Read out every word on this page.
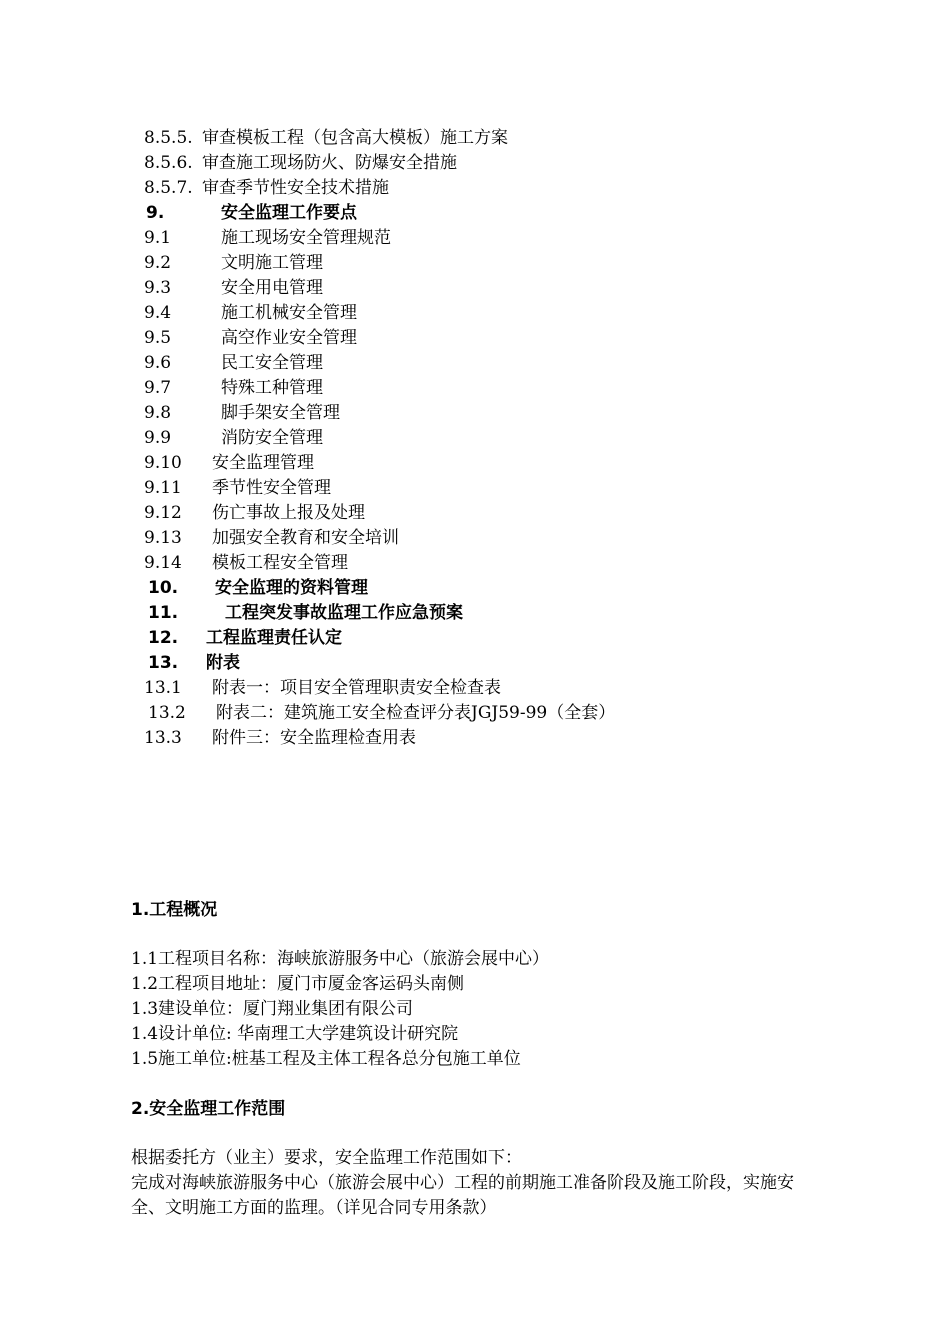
8.5.5. 审查模板工程（包含高大模板）施工方案
8.5.6. 审查施工现场防火、防爆安全措施
8.5.7. 审查季节性安全技术措施
9.	安全监理工作要点
9.1	施工现场安全管理规范
9.2	文明施工管理
9.3	安全用电管理
9.4	施工机械安全管理
9.5	高空作业安全管理
9.6	民工安全管理
9.7	特殊工种管理
9.8	脚手架安全管理
9.9	消防安全管理
9.10 安全监理管理
9.11 季节性安全管理
9.12 伤亡事故上报及处理
9.13 加强安全教育和安全培训
9.14 模板工程安全管理
10. 安全监理的资料管理
11.	工程突发事故监理工作应急预案
12. 工程监理责任认定
13. 附表
13.1 附表一：项目安全管理职责安全检查表
13.2 附表二：建筑施工安全检查评分表JGJ59-99（全套）
13.3 附件三：安全监理检查用表
1.工程概况
1.1工程项目名称：海峡旅游服务中心（旅游会展中心）
1.2工程项目地址：厦门市厦金客运码头南侧
1.3建设单位：厦门翔业集团有限公司
1.4设计单位: 华南理工大学建筑设计研究院
1.5施工单位:桩基工程及主体工程各总分包施工单位
2.安全监理工作范围
根据委托方（业主）要求，安全监理工作范围如下：
完成对海峡旅游服务中心（旅游会展中心）工程的前期施工准备阶段及施工阶段，实施安
全、文明施工方面的监理。（详见合同专用条款）
